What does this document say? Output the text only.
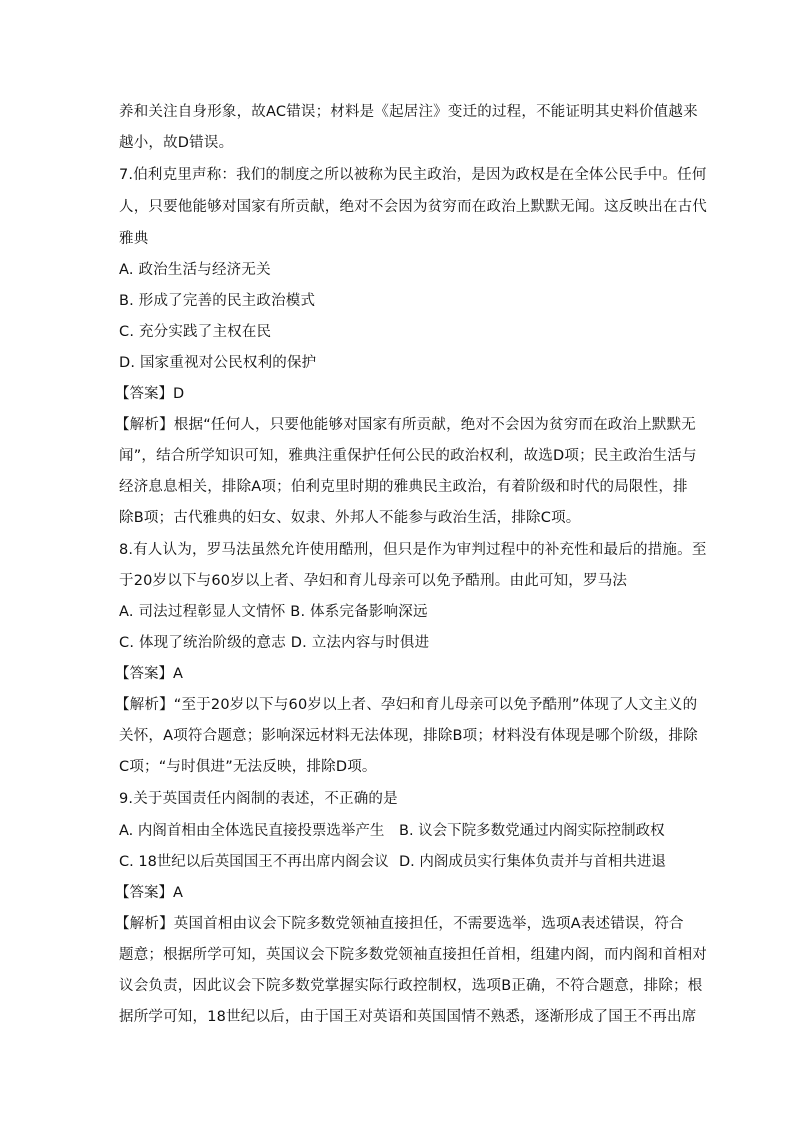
养和关注自身形象，故AC错误；材料是《起居注》变迁的过程，不能证明其史料价值越来
越小，故D错误。
7.伯利克里声称：我们的制度之所以被称为民主政治，是因为政权是在全体公民手中。任何
人，只要他能够对国家有所贡献，绝对不会因为贫穷而在政治上默默无闻。这反映出在古代
雅典
A. 政治生活与经济无关
B. 形成了完善的民主政治模式
C. 充分实践了主权在民
D. 国家重视对公民权利的保护
【答案】D
【解析】根据“任何人，只要他能够对国家有所贡献，绝对不会因为贫穷而在政治上默默无
闻”，结合所学知识可知，雅典注重保护任何公民的政治权利，故选D项；民主政治生活与
经济息息相关，排除A项；伯利克里时期的雅典民主政治，有着阶级和时代的局限性，排
除B项；古代雅典的妇女、奴隶、外邦人不能参与政治生活，排除C项。
8.有人认为，罗马法虽然允许使用酷刑，但只是作为审判过程中的补充性和最后的措施。至
于20岁以下与60岁以上者、孕妇和育儿母亲可以免予酷刑。由此可知，罗马法
A. 司法过程彰显人文情怀 B. 体系完备影响深远
C. 体现了统治阶级的意志 D. 立法内容与时俱进
【答案】A
【解析】“至于20岁以下与60岁以上者、孕妇和育儿母亲可以免予酷刑”体现了人文主义的
关怀，A项符合题意；影响深远材料无法体现，排除B项；材料没有体现是哪个阶级，排除
C项；“与时俱进”无法反映，排除D项。
9.关于英国责任内阁制的表述，不正确的是
A. 内阁首相由全体选民直接投票选举产生 B. 议会下院多数党通过内阁实际控制政权
C. 18世纪以后英国国王不再出席内阁会议 D. 内阁成员实行集体负责并与首相共进退
【答案】A
【解析】英国首相由议会下院多数党领袖直接担任，不需要选举，选项A表述错误，符合
题意；根据所学可知，英国议会下院多数党领袖直接担任首相，组建内阁，而内阁和首相对
议会负责，因此议会下院多数党掌握实际行政控制权，选项B正确，不符合题意，排除；根
据所学可知，18世纪以后，由于国王对英语和英国国情不熟悉，逐渐形成了国王不再出席
